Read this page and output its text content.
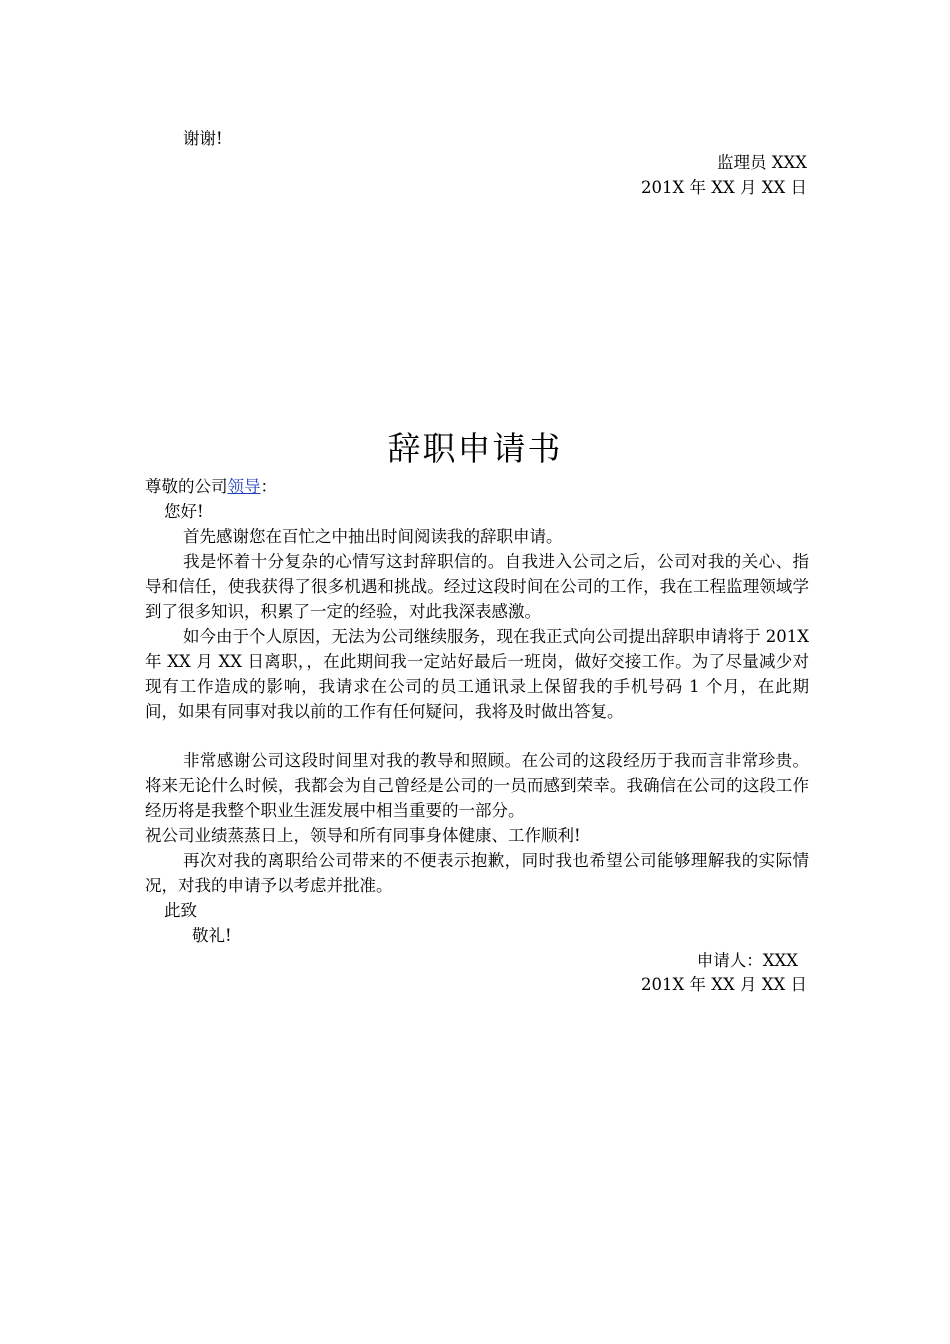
谢谢!
监理员 XXX
201X 年 XX 月 XX 日
辞职申请书
尊敬的公司领导：
您好!
首先感谢您在百忙之中抽出时间阅读我的辞职申请。
我是怀着十分复杂的心情写这封辞职信的。自我进入公司之后，公司对我的关心、指导和信任，使我获得了很多机遇和挑战。经过这段时间在公司的工作，我在工程监理领域学到了很多知识，积累了一定的经验，对此我深表感激。
如今由于个人原因，无法为公司继续服务，现在我正式向公司提出辞职申请将于 201X 年 XX 月 XX 日离职，，在此期间我一定站好最后一班岗，做好交接工作。为了尽量减少对现有工作造成的影响，我请求在公司的员工通讯录上保留我的手机号码 1 个月，在此期间，如果有同事对我以前的工作有任何疑问，我将及时做出答复。
非常感谢公司这段时间里对我的教导和照顾。在公司的这段经历于我而言非常珍贵。将来无论什么时候，我都会为自己曾经是公司的一员而感到荣幸。我确信在公司的这段工作经历将是我整个职业生涯发展中相当重要的一部分。
祝公司业绩蒸蒸日上，领导和所有同事身体健康、工作顺利!
再次对我的离职给公司带来的不便表示抱歉，同时我也希望公司能够理解我的实际情况，对我的申请予以考虑并批准。
此致
敬礼!
申请人：XXX
201X 年 XX 月 XX 日
